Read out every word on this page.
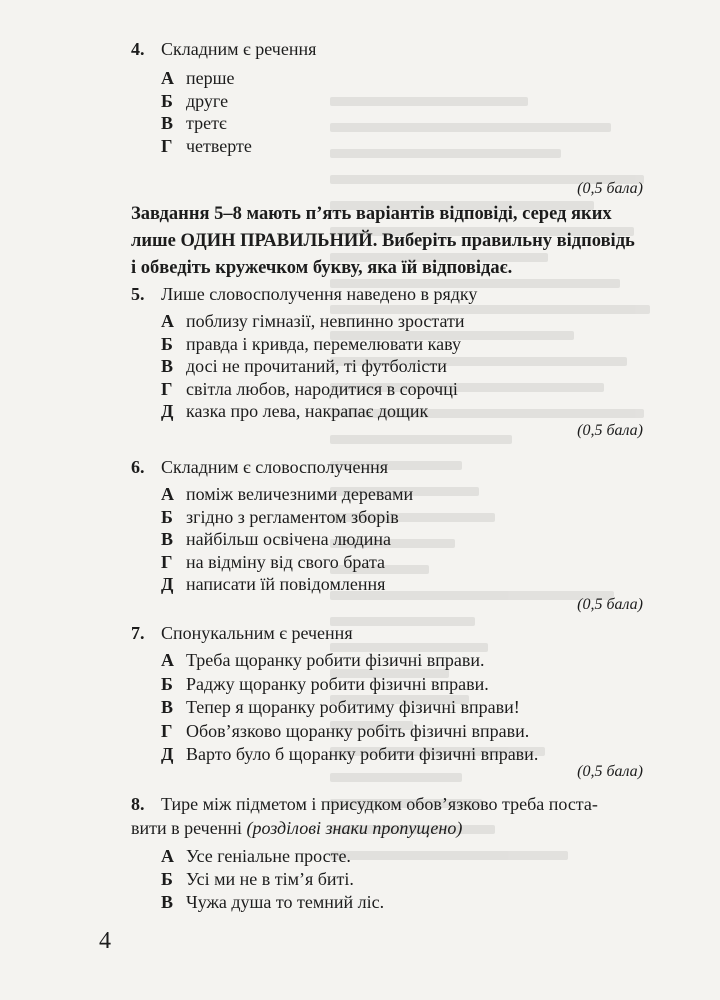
4. Складним є речення
А перше
Б друге
В третє
Г четверте
(0,5 бала)
Завдання 5–8 мають п’ять варіантів відповіді, серед яких
лише ОДИН ПРАВИЛЬНИЙ. Виберіть правильну відповідь
і обведіть кружечком букву, яка їй відповідає.
5. Лише словосполучення наведено в рядку
А поблизу гімназії, невпинно зростати
Б правда і кривда, перемелювати каву
В досі не прочитаний, ті футболісти
Г світла любов, народитися в сорочці
Д казка про лева, накрапає дощик
(0,5 бала)
6. Складним є словосполучення
А поміж величезними деревами
Б згідно з регламентом зборів
В найбільш освічена людина
Г на відміну від свого брата
Д написати їй повідомлення
(0,5 бала)
7. Спонукальним є речення
А Треба щоранку робити фізичні вправи.
Б Раджу щоранку робити фізичні вправи.
В Тепер я щоранку робитиму фізичні вправи!
Г Обов’язково щоранку робіть фізичні вправи.
Д Варто було б щоранку робити фізичні вправи.
(0,5 бала)
8. Тире між підметом і присудком обов’язково треба поста-
вити в реченні (розділові знаки пропущено)
А Усе геніальне просте.
Б Усі ми не в тім’я биті.
В Чужа душа то темний ліс.
4
